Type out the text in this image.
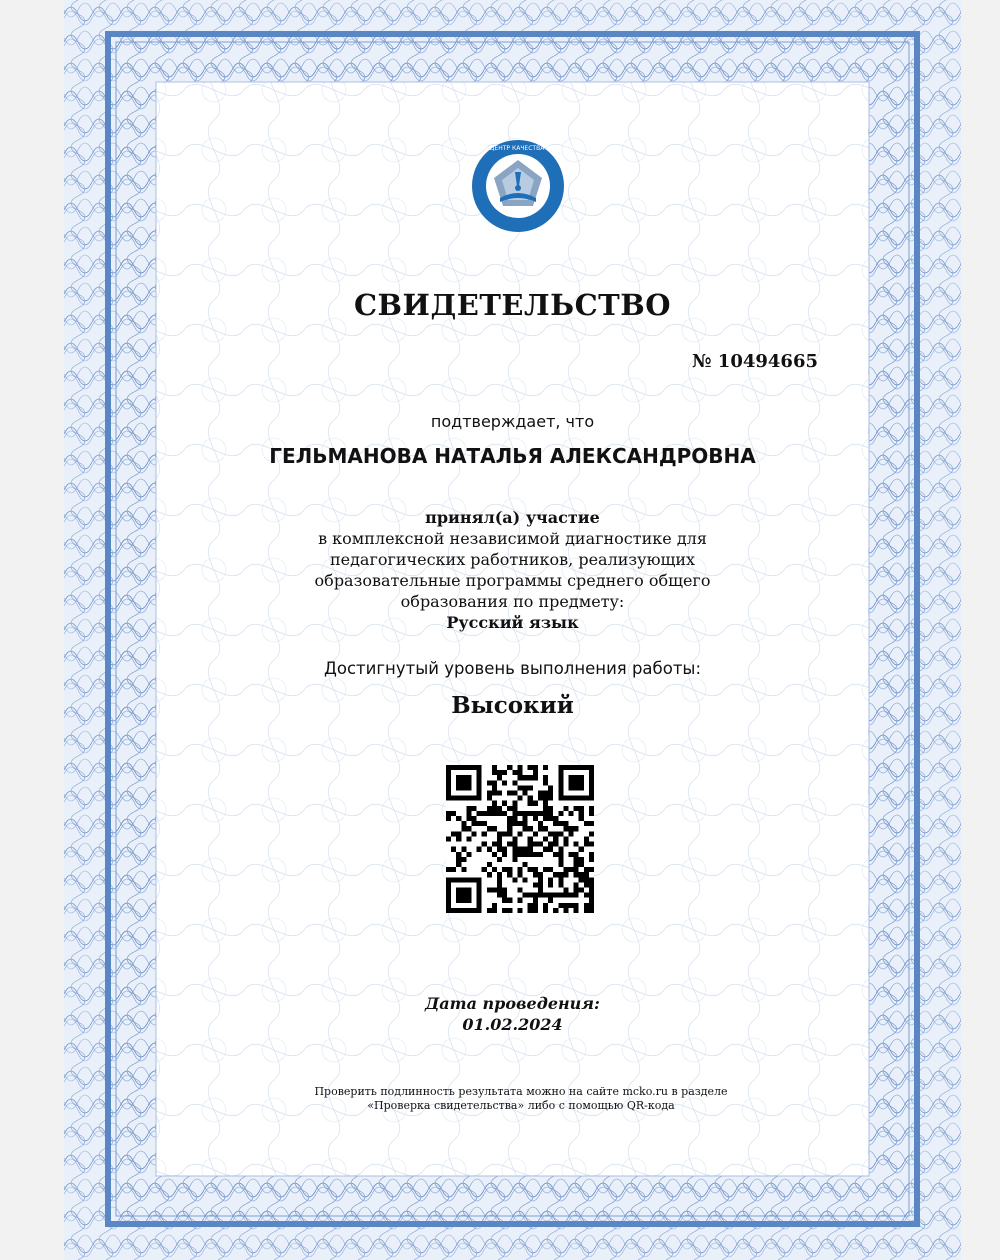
МОСКОВСКИЙ ЦЕНТР КАЧЕСТВА ОБРАЗОВАНИЯ
СВИДЕТЕЛЬСТВО
№ 10494665
подтверждает, что
ГЕЛЬМАНОВА НАТАЛЬЯ АЛЕКСАНДРОВНА
принял(а) участие
в комплексной независимой диагностике для
педагогических работников, реализующих
образовательные программы среднего общего
образования по предмету:
Русский язык
Достигнутый уровень выполнения работы:
Высокий
Дата проведения:
01.02.2024
Проверить подлинность результата можно на сайте mcko.ru в разделе
«Проверка свидетельства» либо с помощью QR-кода
